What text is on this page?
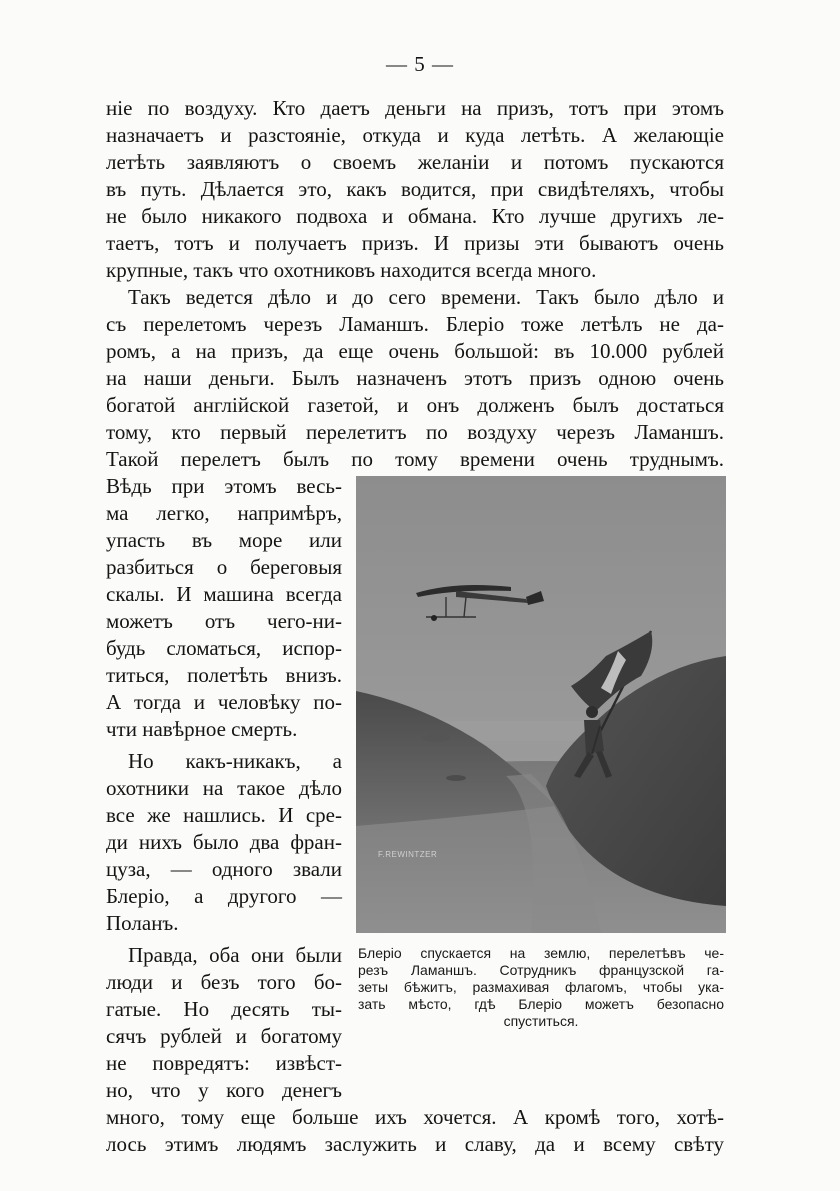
— 5 —
ніе по воздуху. Кто даетъ деньги на призъ, тотъ при этомъ
назначаетъ и разстояніе, откуда и куда летѣть. А желающіе
летѣть заявляютъ о своемъ желаніи и потомъ пускаются
въ путь. Дѣлается это, какъ водится, при свидѣтеляхъ, чтобы
не было никакого подвоха и обмана. Кто лучше другихъ ле-
таетъ, тотъ и получаетъ призъ. И призы эти бываютъ очень
крупные, такъ что охотниковъ находится всегда много.
Такъ ведется дѣло и до сего времени. Такъ было дѣло и
съ перелетомъ черезъ Ламаншъ. Блеріо тоже летѣлъ не да-
ромъ, а на призъ, да еще очень большой: въ 10.000 рублей
на наши деньги. Былъ назначенъ этотъ призъ одною очень
богатой англійской газетой, и онъ долженъ былъ достаться
тому, кто первый перелетитъ по воздуху черезъ Ламаншъ.
Такой перелетъ былъ по тому времени очень труднымъ.
Вѣдь при этомъ весь-
ма легко, напримѣръ,
упасть въ море или
разбиться о береговыя
скалы. И машина всегда
можетъ отъ чего-ни-
будь сломаться, испор-
титься, полетѣть внизъ.
А тогда и человѣку по-
чти навѣрное смерть.
Но какъ-никакъ, а
охотники на такое дѣло
все же нашлись. И сре-
ди нихъ было два фран-
цуза, — одного звали
Блеріо, а другого —
Поланъ.
Правда, оба они были
люди и безъ того бо-
гатые. Но десять ты-
сячъ рублей и богатому
не повредятъ: извѣст-
но, что у кого денегъ
много, тому еще больше ихъ хочется. А кромѣ того, хотѣ-
лось этимъ людямъ заслужить и славу, да и всему свѣту
F.REWINTZER
Блеріо спускается на землю, перелетѣвъ че-
резъ Ламаншъ. Сотрудникъ французской га-
зеты бѣжитъ, размахивая флагомъ, чтобы ука-
зать мѣсто, гдѣ Блеріо можетъ безопасно
спуститься.
